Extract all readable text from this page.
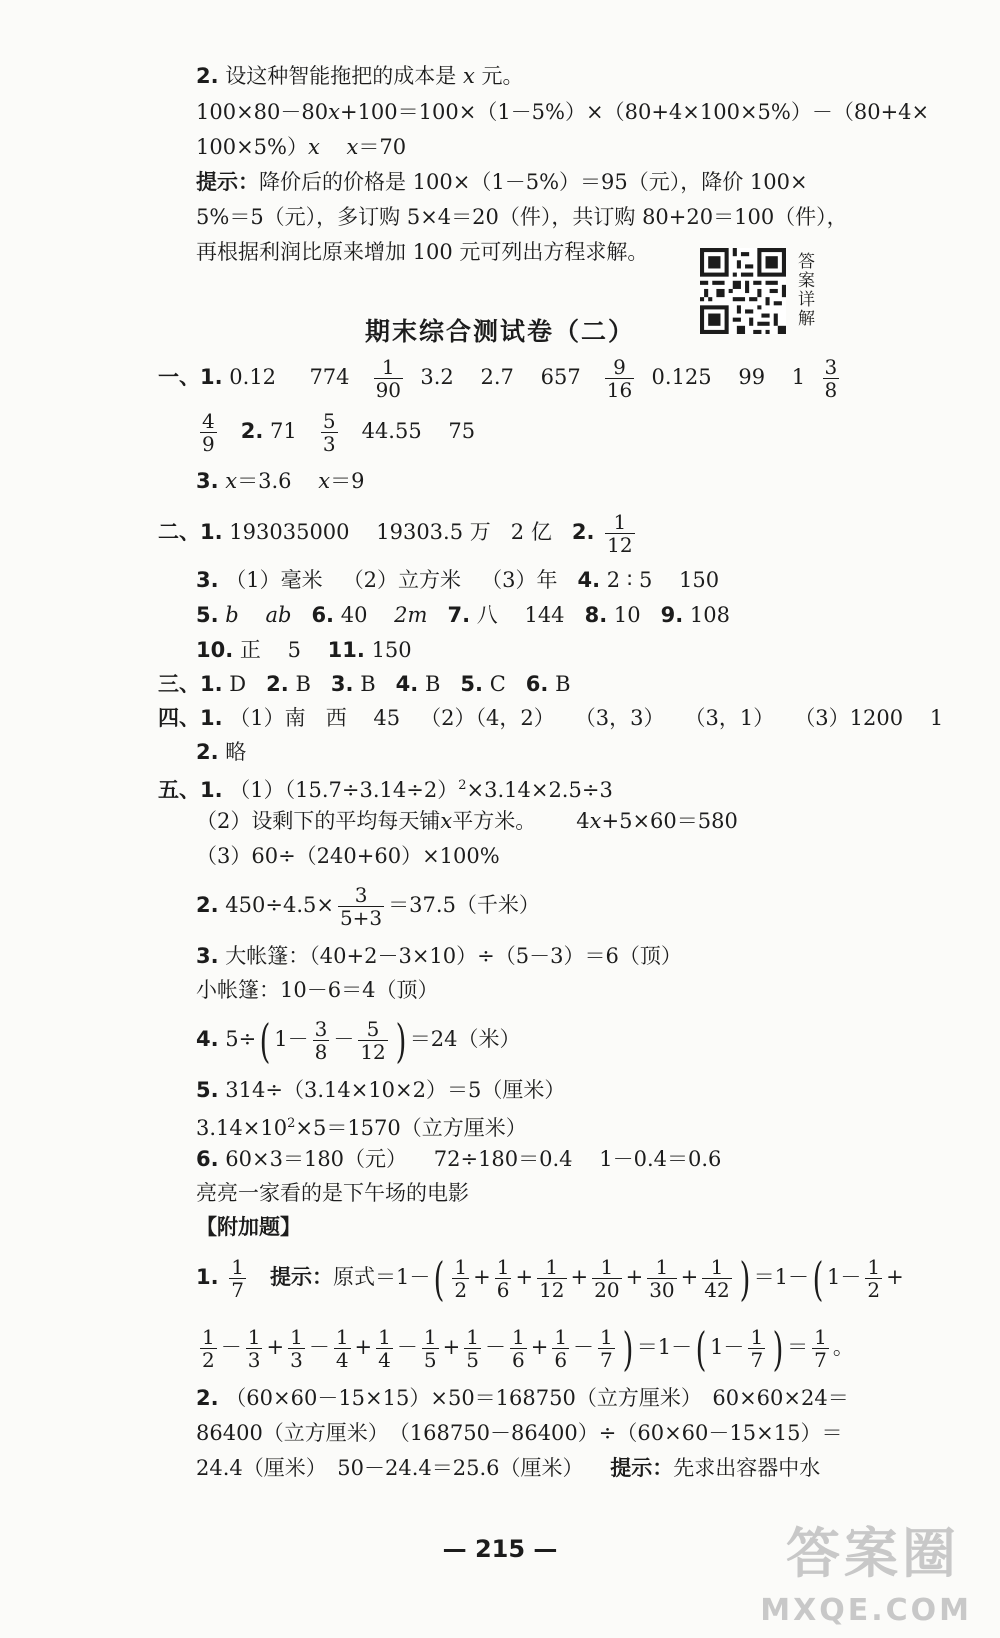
2. 设这种智能拖把的成本是 x 元。
100×80－80x+100＝100×（1－5%）×（80+4×100×5%）－（80+4×
100×5%）x x＝70
提示：降价后的价格是 100×（1－5%）＝95（元），降价 100×
5%＝5（元），多订购 5×4＝20（件），共订购 80+20＝100（件），
再根据利润比原来增加 100 元可列出方程求解。	答案详解
期末综合测试卷（二）
一、1. 0.12 $774 \frac{1}{90} 3.2$ 2.7 $657 \frac{9}{16} 0.125$ 99 $1 \frac{3}{8}$
$\frac{4}{9} 2$. $71 \frac{5}{3} 44.55$ 75
3. x＝3.6 x＝9
二、1. 193035000 19303.5 万 2 亿 2. $\frac{1}{12}$
3. （1）毫米 （2）立方米 （3）年 4. 2 ∶ 5 150
5. b ab 6. 40 2m 7. 八 144 8. 10 9. 108
10. 正 5 11. 150
三、1. D 2. B 3. B 4. B 5. C 6. B
四、1. （1）南 西 45 （2）（4，2） （3，3） （3，1） （3）1200 1
2. 略
五、1. $(1)(15.7\div 3.14\div 2)^2\times 3.14\times 2.5\div 3$
（2）设剩下的平均每天铺x平方米。 4x+5×60＝580
（3）60÷（240+60）×100%
2. $450\div 4.5\times \frac{3}{5+3} =37.5$（千米）
3. 大帐篷：（40+2－3×10）÷（5－3）＝6（顶）
小帐篷：10－6＝4（顶）
4. 5÷( $1- \frac{3}{8} - \frac{5}{12}$ ) ＝24（米）
5. 314÷（3.14×10×2）＝5（厘米）
$3.14\times 10^2\times 5=1570$（立方厘米）
6. 60×3＝180（元） 72÷180＝0.4 1－0.4＝0.6
亮亮一家看的是下午场的电影
【附加题】
1. $\frac{1}{7}$ 提示：原式$=1-( \frac{1}{2} + \frac{1}{6} + \frac{1}{12} + \frac{1}{20} + \frac{1}{30} + \frac{1}{42}$ ) ＝1－( $1- \frac{1}{2}$ +
$\frac{1}{2} - \frac{1}{3} + \frac{1}{3} - \frac{1}{4} + \frac{1}{4} - \frac{1}{5} + \frac{1}{5} - \frac{1}{6} + \frac{1}{6} - \frac{1}{7}$ ) ＝1－( $1- \frac{1}{7}$ ) ＝ $\frac{1}{7}$ 。
2. （60×60－15×15）×50＝168750（立方厘米）　60×60×24＝
86400（立方厘米）　（168750－86400）÷（60×60－15×15）＝
24.4（厘米）　50－24.4＝25.6（厘米） 提示：先求出容器中水
— 215 —	答案圈
MXQE.COM
